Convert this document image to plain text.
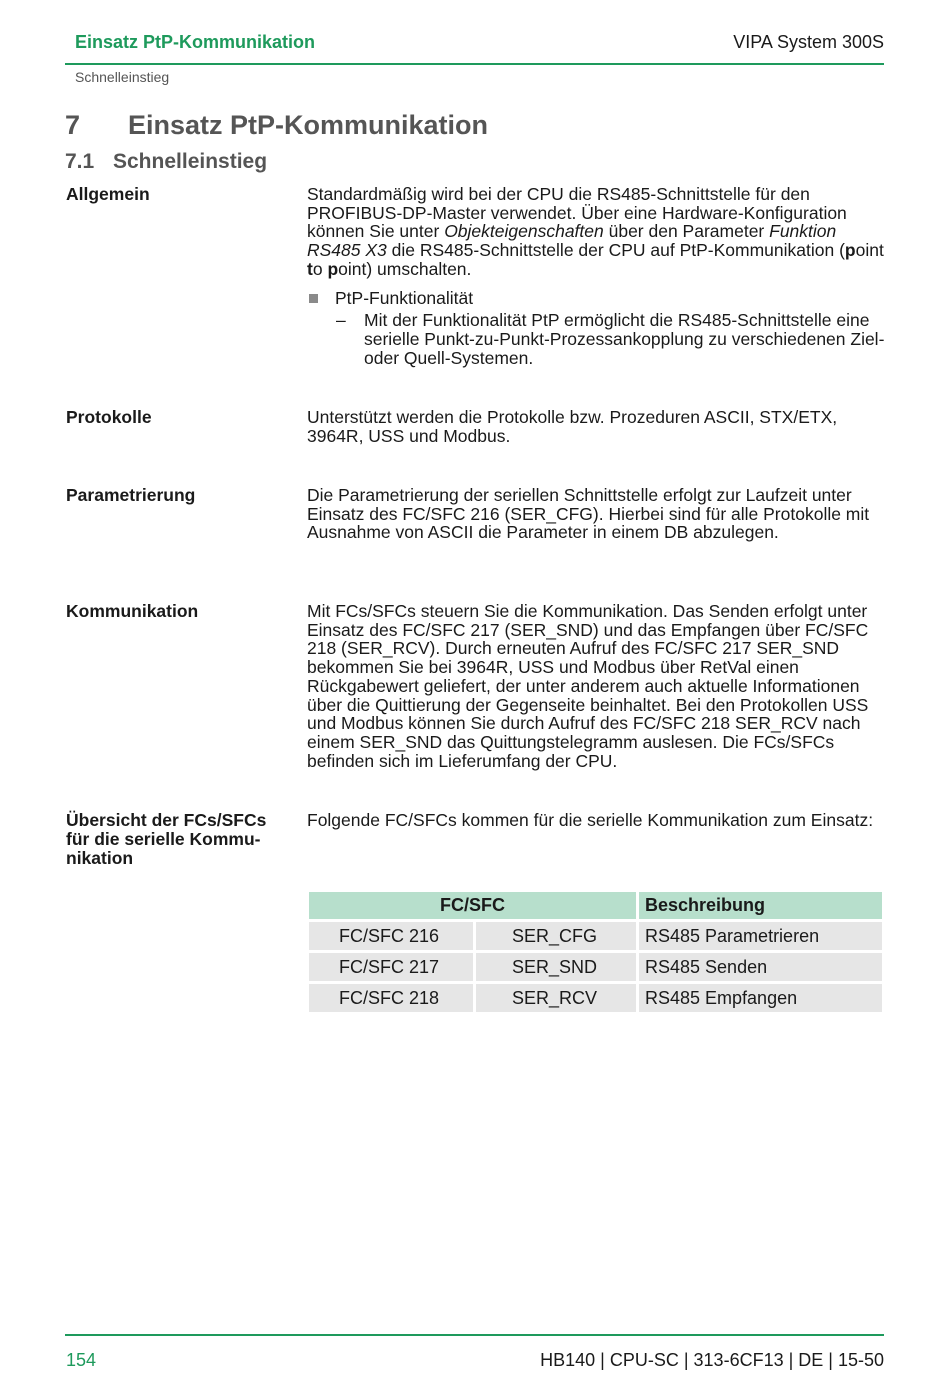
Einsatz PtP-Kommunikation	VIPA System 300S
Schnelleinstieg
7 Einsatz PtP-Kommunikation
7.1 Schnelleinstieg
Allgemein	Standardmäßig wird bei der CPU die RS485-Schnittstelle für den PROFIBUS-DP-Master verwendet. Über eine Hardware-Konfiguration können Sie unter Objekteigenschaften über den Parameter Funktion RS485 X3 die RS485-Schnittstelle der CPU auf PtP-Kommunikation (point to point) umschalten.

PtP-Funktionalität
– Mit der Funktionalität PtP ermöglicht die RS485-Schnittstelle eine serielle Punkt-zu-Punkt-Prozessankopplung zu verschiedenen Ziel- oder Quell-Systemen.
Protokolle	Unterstützt werden die Protokolle bzw. Prozeduren ASCII, STX/ETX, 3964R, USS und Modbus.
Parametrierung	Die Parametrierung der seriellen Schnittstelle erfolgt zur Laufzeit unter Einsatz des FC/SFC 216 (SER_CFG). Hierbei sind für alle Protokolle mit Ausnahme von ASCII die Parameter in einem DB abzulegen.
Kommunikation	Mit FCs/SFCs steuern Sie die Kommunikation. Das Senden erfolgt unter Einsatz des FC/SFC 217 (SER_SND) und das Empfangen über FC/SFC 218 (SER_RCV). Durch erneuten Aufruf des FC/SFC 217 SER_SND bekommen Sie bei 3964R, USS und Modbus über RetVal einen Rückgabewert geliefert, der unter anderem auch aktuelle Informationen über die Quittierung der Gegenseite beinhaltet. Bei den Protokollen USS und Modbus können Sie durch Aufruf des FC/SFC 218 SER_RCV nach einem SER_SND das Quittungstelegramm auslesen. Die FCs/SFCs befinden sich im Lieferumfang der CPU.
Übersicht der FCs/SFCs für die serielle Kommunikation
Folgende FC/SFCs kommen für die serielle Kommunikation zum Einsatz:
FC/SFC		Beschreibung
FC/SFC 216	SER_CFG	RS485 Parametrieren
FC/SFC 217	SER_SND	RS485 Senden
FC/SFC 218	SER_RCV	RS485 Empfangen
154	HB140 | CPU-SC | 313-6CF13 | DE | 15-50
